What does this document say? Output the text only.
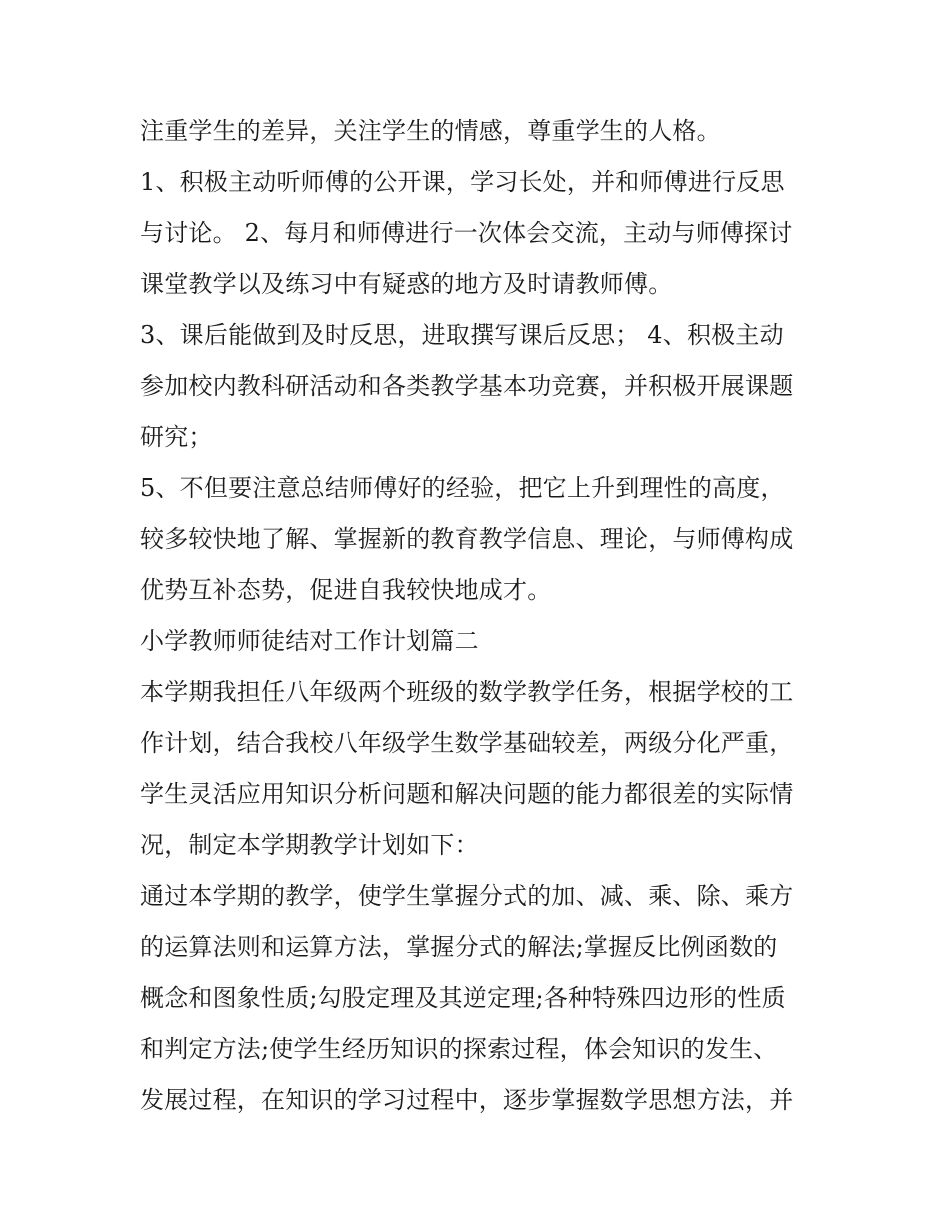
注重学生的差异，关注学生的情感，尊重学生的人格。
1、积极主动听师傅的公开课，学习长处，并和师傅进行反思
与讨论。 2、每月和师傅进行一次体会交流，主动与师傅探讨
课堂教学以及练习中有疑惑的地方及时请教师傅。
3、课后能做到及时反思，进取撰写课后反思； 4、积极主动
参加校内教科研活动和各类教学基本功竞赛，并积极开展课题
研究；
5、不但要注意总结师傅好的经验，把它上升到理性的高度，
较多较快地了解、掌握新的教育教学信息、理论，与师傅构成
优势互补态势，促进自我较快地成才。
小学教师师徒结对工作计划篇二
本学期我担任八年级两个班级的数学教学任务，根据学校的工
作计划，结合我校八年级学生数学基础较差，两级分化严重，
学生灵活应用知识分析问题和解决问题的能力都很差的实际情
况，制定本学期教学计划如下：
通过本学期的教学，使学生掌握分式的加、减、乘、除、乘方
的运算法则和运算方法，掌握分式的解法;掌握反比例函数的
概念和图象性质;勾股定理及其逆定理;各种特殊四边形的性质
和判定方法;使学生经历知识的探索过程，体会知识的发生、
发展过程，在知识的学习过程中，逐步掌握数学思想方法，并
